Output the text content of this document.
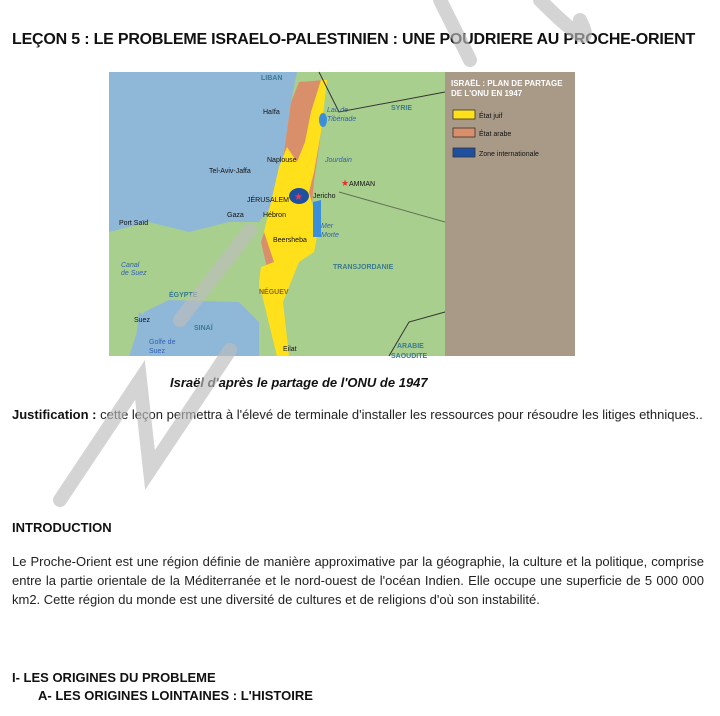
LEÇON 5 : LE PROBLEME ISRAELO-PALESTINIEN : UNE POUDRIERE AU PROCHE-ORIENT
★
ISRAËL : PLAN DE PARTAGE
DE L'ONU EN 1947
État juif
État arabe
Zone internationale
LIBAN
SYRIE
Lac de
Tibériade
Jourdain
Haïfa
Naplouse
Tel-Aviv-Jaffa
AMMAN
★
JÉRUSALEM
Jericho
Gaza	Hébron
Port Saïd	Mer
Morte
Beersheba
Canal
de Suez
TRANSJORDANIE
ÉGYPTE	NÉGUEV
Suez
SINAÏ
Golfe de
Suez	Eilat	ARABIE
SAOUDITE
Israël d'après le partage de l'ONU de 1947
Justification : cette leçon permettra à l'élevé de terminale d'installer les ressources pour résoudre les litiges ethniques..
INTRODUCTION
Le Proche-Orient est une région définie de manière approximative par la géographie, la culture et la politique, comprise entre la partie orientale de la Méditerranée et le nord-ouest de l'océan Indien. Elle occupe une superficie de 5 000 000 km2. Cette région du monde est une diversité de cultures et de religions d'où son instabilité.
I- LES ORIGINES DU PROBLEME
A- LES ORIGINES LOINTAINES : L'HISTOIRE
